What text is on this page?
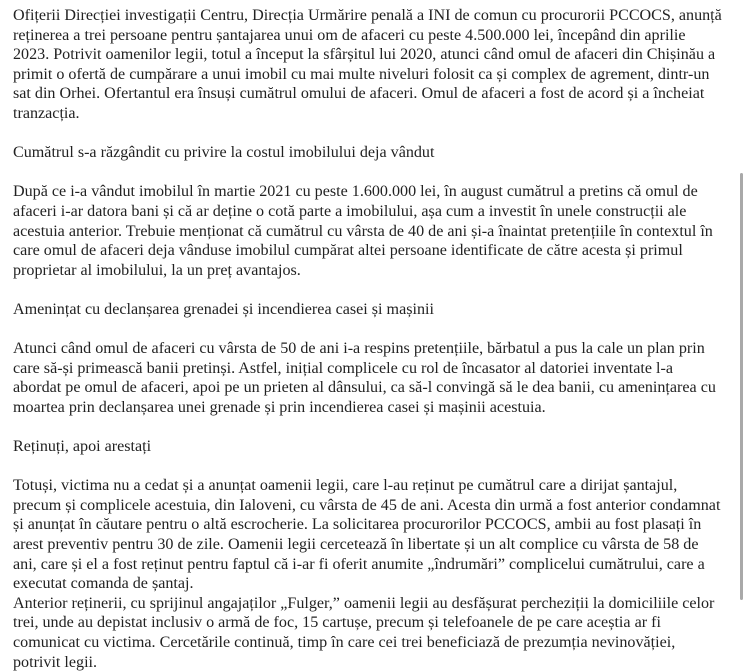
Ofițerii Direcției investigații Centru, Direcția Urmărire penală a INI de comun cu procurorii PCCOCS, anunță reținerea a trei persoane pentru șantajarea unui om de afaceri cu peste 4.500.000 lei, începând din aprilie 2023. Potrivit oamenilor legii, totul a început la sfârșitul lui 2020, atunci când omul de afaceri din Chișinău a primit o ofertă de cumpărare a unui imobil cu mai multe niveluri folosit ca și complex de agrement, dintr-un sat din Orhei. Ofertantul era însuși cumătrul omului de afaceri. Omul de afaceri a fost de acord și a încheiat tranzacția.

Cumătrul s-a răzgândit cu privire la costul imobilului deja vândut

După ce i-a vândut imobilul în martie 2021 cu peste 1.600.000 lei, în august cumătrul a pretins că omul de afaceri i-ar datora bani și că ar deține o cotă parte a imobilului, așa cum a investit în unele construcții ale acestuia anterior. Trebuie menționat că cumătrul cu vârsta de 40 de ani și-a înaintat pretențiile în contextul în care omul de afaceri deja vânduse imobilul cumpărat altei persoane identificate de către acesta și primul proprietar al imobilului, la un preț avantajos.

Amenințat cu declanșarea grenadei și incendierea casei și mașinii

Atunci când omul de afaceri cu vârsta de 50 de ani i-a respins pretențiile, bărbatul a pus la cale un plan prin care să-și primească banii pretinși. Astfel, inițial complicele cu rol de încasator al datoriei inventate l-a abordat pe omul de afaceri, apoi pe un prieten al dânsului, ca să-l convingă să le dea banii, cu amenințarea cu moartea prin declanșarea unei grenade și prin incendierea casei și mașinii acestuia.

Reținuți, apoi arestați

Totuși, victima nu a cedat și a anunțat oamenii legii, care l-au reținut pe cumătrul care a dirijat șantajul, precum și complicele acestuia, din Ialoveni, cu vârsta de 45 de ani. Acesta din urmă a fost anterior condamnat și anunțat în căutare pentru o altă escrocherie. La solicitarea procurorilor PCCOCS, ambii au fost plasați în arest preventiv pentru 30 de zile. Oamenii legii cercetează în libertate și un alt complice cu vârsta de 58 de ani, care și el a fost reținut pentru faptul că i-ar fi oferit anumite „îndrumări” complicelui cumătrului, care a executat comanda de șantaj.

Anterior reținerii, cu sprijinul angajaților „Fulger,” oamenii legii au desfășurat percheziții la domiciliile celor trei, unde au depistat inclusiv o armă de foc, 15 cartușe, precum și telefoanele de pe care aceștia ar fi comunicat cu victima. Cercetările continuă, timp în care cei trei beneficiază de prezumția nevinovăției, potrivit legii.
